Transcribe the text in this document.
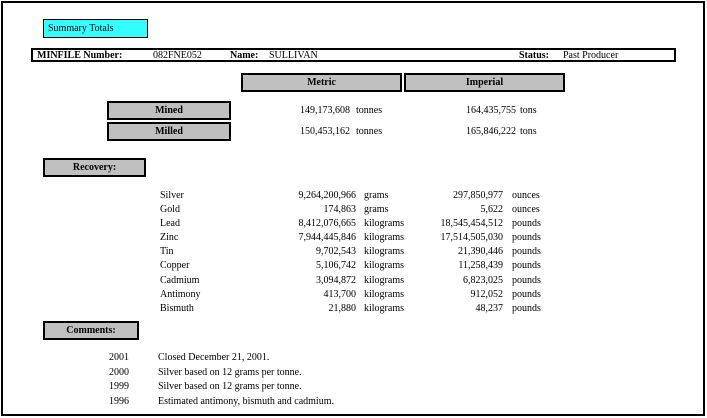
Summary Totals
MINFILE Number:	082FNE052	Name: SULLIVAN	Status: Past Producer
Metric	Imperial
Mined	149,173,608 tonnes	164,435,755 tons
Milled	150,453,162 tonnes	165,846,222 tons
Recovery:
Silver	9,264,200,966 grams	297,850,977 ounces
Gold	174,863 grams	5,622 ounces
Lead	8,412,076,665 kilograms	18,545,454,512 pounds
Zinc	7,944,445,846 kilograms	17,514,505,030 pounds
Tin	9,702,543 kilograms	21,390,446 pounds
Copper	5,106,742 kilograms	11,258,439 pounds
Cadmium	3,094,872 kilograms	6,823,025 pounds
Antimony	413,700 kilograms	912,052 pounds
Bismuth	21,880 kilograms	48,237 pounds
Comments:
2001	Closed December 21, 2001.
2000	Silver based on 12 grams per tonne.
1999	Silver based on 12 grams per tonne.
1996	Estimated antimony, bismuth and cadmium.
